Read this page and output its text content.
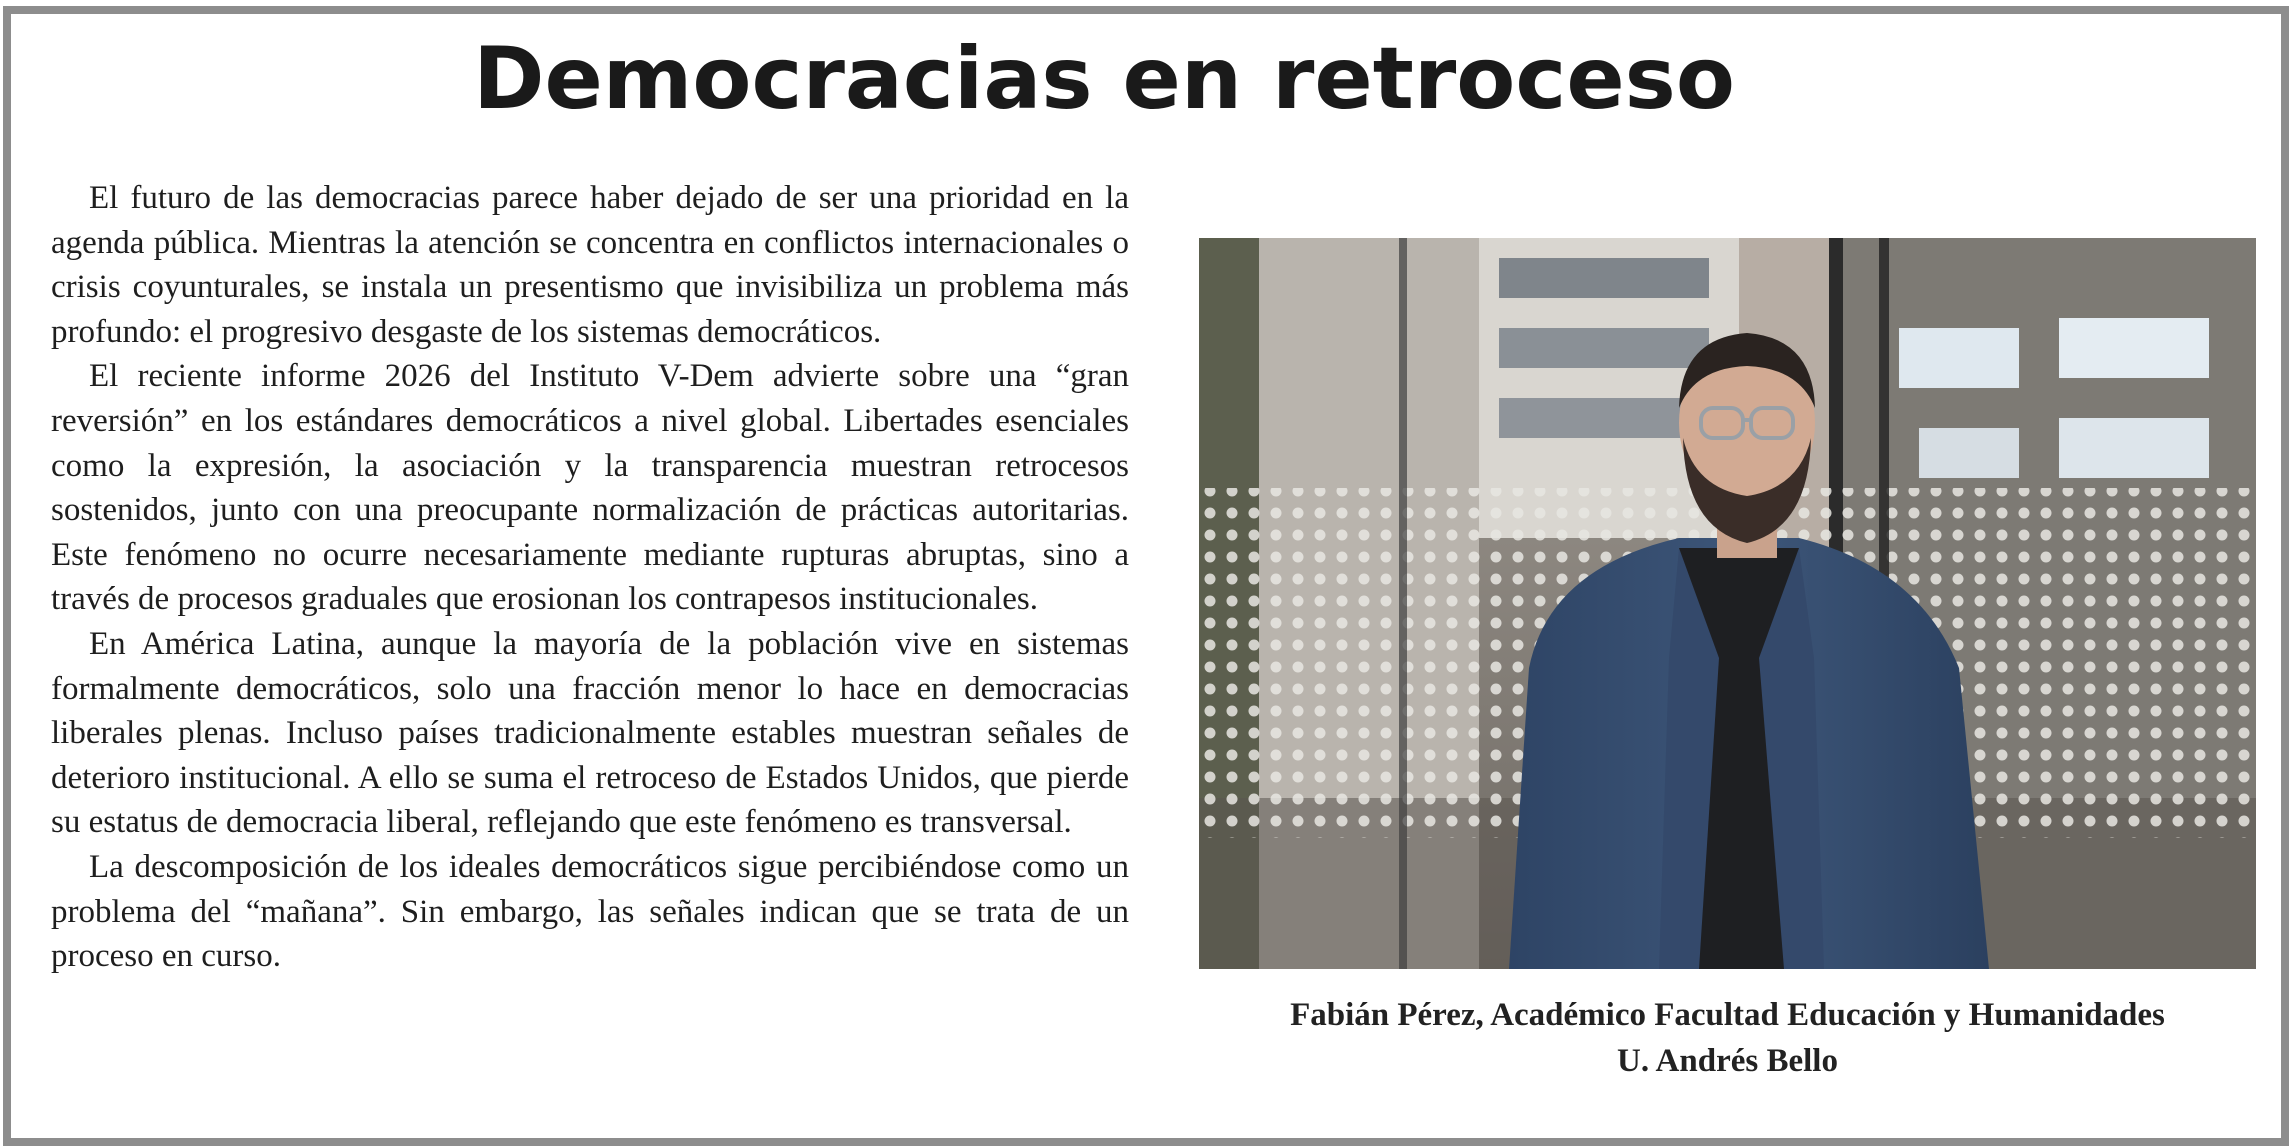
Democracias en retroceso

El futuro de las democracias parece haber dejado de ser una prioridad en la agenda pública. Mientras la atención se concentra en conflictos internacionales o crisis coyunturales, se instala un presentismo que invisibiliza un problema más profundo: el progresivo desgaste de los sistemas democráticos.

El reciente informe 2026 del Instituto V-Dem advierte sobre una “gran reversión” en los estándares democráticos a nivel global. Libertades esenciales como la expresión, la asociación y la transparencia muestran retrocesos sostenidos, junto con una preocupante normalización de prácticas autoritarias. Este fenómeno no ocurre necesariamente mediante rupturas abruptas, sino a través de procesos graduales que erosionan los contrapesos institucionales.

En América Latina, aunque la mayoría de la población vive en sistemas formalmente democráticos, solo una fracción menor lo hace en democracias liberales plenas. Incluso países tradicionalmente estables muestran señales de deterioro institucional. A ello se suma el retroceso de Estados Unidos, que pierde su estatus de democracia liberal, reflejando que este fenómeno es transversal.

La descomposición de los ideales democráticos sigue percibiéndose como un problema del “mañana”. Sin embargo, las señales indican que se trata de un proceso en curso.

Fabián Pérez, Académico Facultad Educación y Humanidades
U. Andrés Bello
